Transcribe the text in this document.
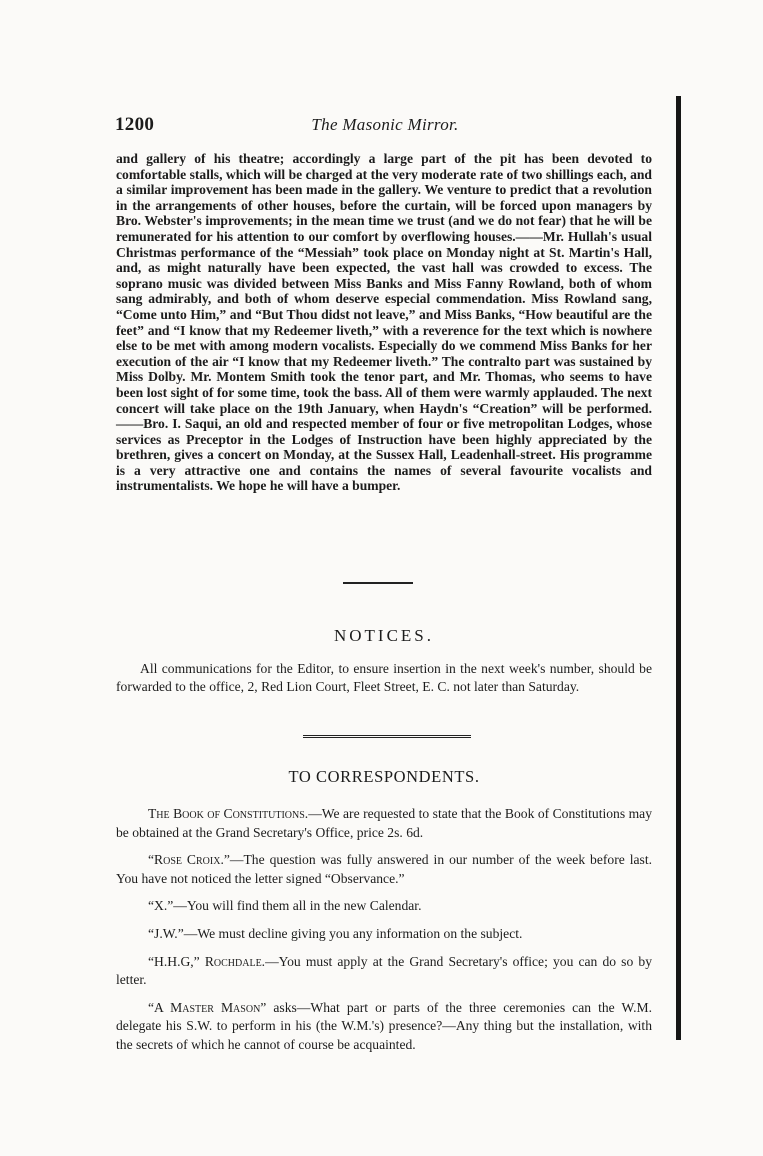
1200	The Masonic Mirror.

and gallery of his theatre; accordingly a large part of the pit has been devoted to comfortable stalls, which will be charged at the very moderate rate of two shillings each, and a similar improvement has been made in the gallery. We venture to predict that a revolution in the arrangements of other houses, before the curtain, will be forced upon managers by Bro. Webster's improvements; in the mean time we trust (and we do not fear) that he will be remunerated for his attention to our comfort by overflowing houses.——Mr. Hullah's usual Christmas performance of the “Messiah” took place on Monday night at St. Martin's Hall, and, as might naturally have been expected, the vast hall was crowded to excess. The soprano music was divided between Miss Banks and Miss Fanny Rowland, both of whom sang admirably, and both of whom deserve especial commendation. Miss Rowland sang, “Come unto Him,” and “But Thou didst not leave,” and Miss Banks, “How beautiful are the feet” and “I know that my Redeemer liveth,” with a reverence for the text which is nowhere else to be met with among modern vocalists. Especially do we commend Miss Banks for her execution of the air “I know that my Redeemer liveth.” The contralto part was sustained by Miss Dolby. Mr. Montem Smith took the tenor part, and Mr. Thomas, who seems to have been lost sight of for some time, took the bass. All of them were warmly applauded. The next concert will take place on the 19th January, when Haydn's “Creation” will be performed.——Bro. I. Saqui, an old and respected member of four or five metropolitan Lodges, whose services as Preceptor in the Lodges of Instruction have been highly appreciated by the brethren, gives a concert on Monday, at the Sussex Hall, Leadenhall-street. His programme is a very attractive one and contains the names of several favourite vocalists and instrumentalists. We hope he will have a bumper.

NOTICES.

All communications for the Editor, to ensure insertion in the next week's number, should be forwarded to the office, 2, Red Lion Court, Fleet Street, E. C. not later than Saturday.

TO CORRESPONDENTS.

The Book of Constitutions.—We are requested to state that the Book of Constitutions may be obtained at the Grand Secretary's Office, price 2s. 6d.

“Rose Croix.”—The question was fully answered in our number of the week before last. You have not noticed the letter signed “Observance.”

“X.”—You will find them all in the new Calendar.

“J.W.”—We must decline giving you any information on the subject.

“H.H.G,” Rochdale.—You must apply at the Grand Secretary's office; you can do so by letter.

“A Master Mason” asks—What part or parts of the three ceremonies can the W.M. delegate his S.W. to perform in his (the W.M.'s) presence?—Any thing but the installation, with the secrets of which he cannot of course be acquainted.
